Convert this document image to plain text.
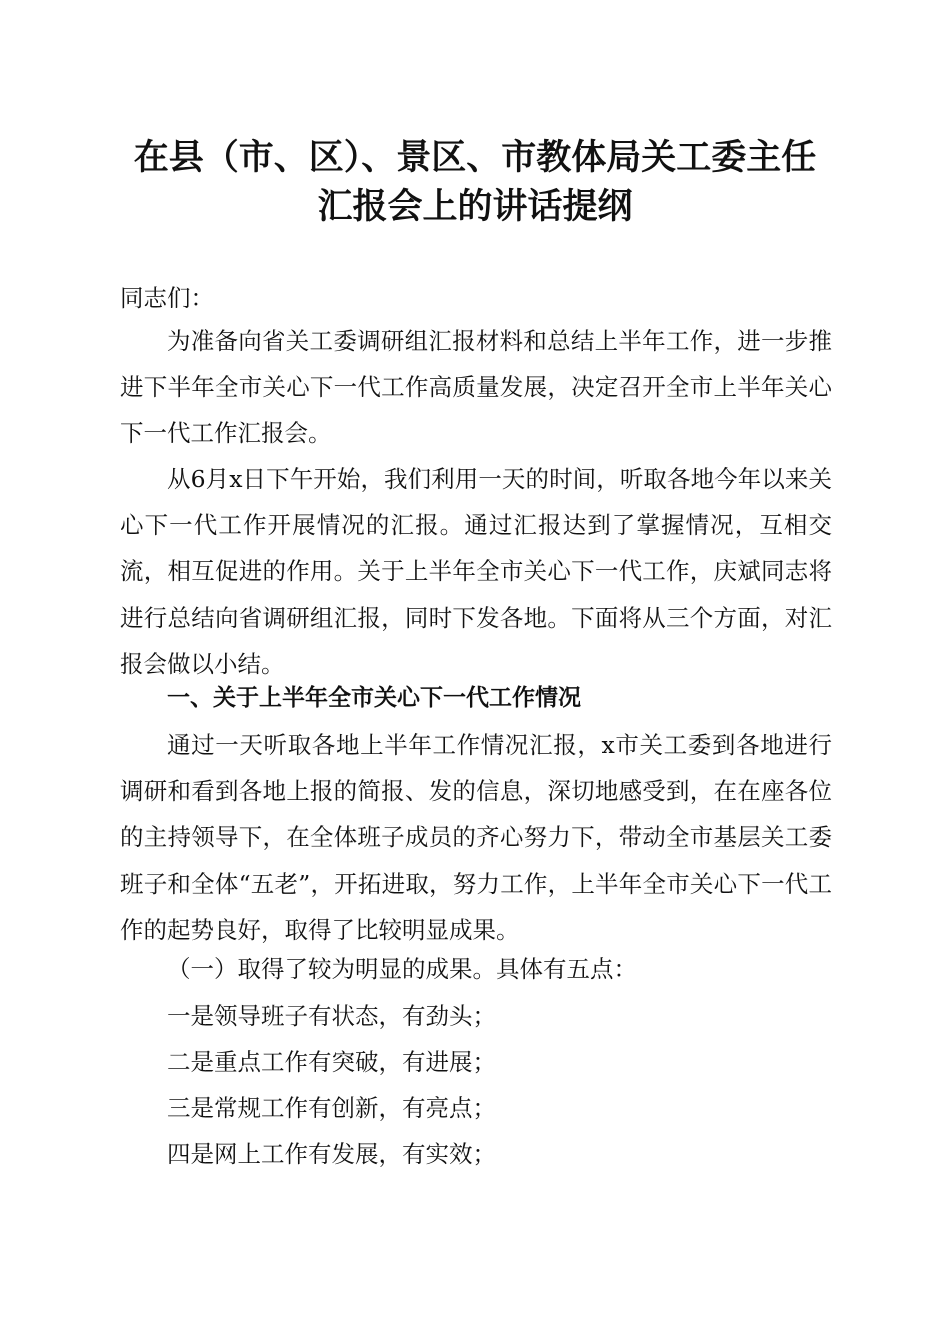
在县（市、区）、景区、市教体局关工委主任
汇报会上的讲话提纲

同志们：

为准备向省关工委调研组汇报材料和总结上半年工作，进一步推进下半年全市关心下一代工作高质量发展，决定召开全市上半年关心下一代工作汇报会。

从6月x日下午开始，我们利用一天的时间，听取各地今年以来关心下一代工作开展情况的汇报。通过汇报达到了掌握情况，互相交流，相互促进的作用。关于上半年全市关心下一代工作，庆斌同志将进行总结向省调研组汇报，同时下发各地。下面将从三个方面，对汇报会做以小结。

一、关于上半年全市关心下一代工作情况

通过一天听取各地上半年工作情况汇报，x市关工委到各地进行调研和看到各地上报的简报、发的信息，深切地感受到，在在座各位的主持领导下，在全体班子成员的齐心努力下，带动全市基层关工委班子和全体“五老”，开拓进取，努力工作，上半年全市关心下一代工作的起势良好，取得了比较明显成果。

（一）取得了较为明显的成果。具体有五点：

一是领导班子有状态，有劲头；

二是重点工作有突破，有进展；

三是常规工作有创新，有亮点；

四是网上工作有发展，有实效；
